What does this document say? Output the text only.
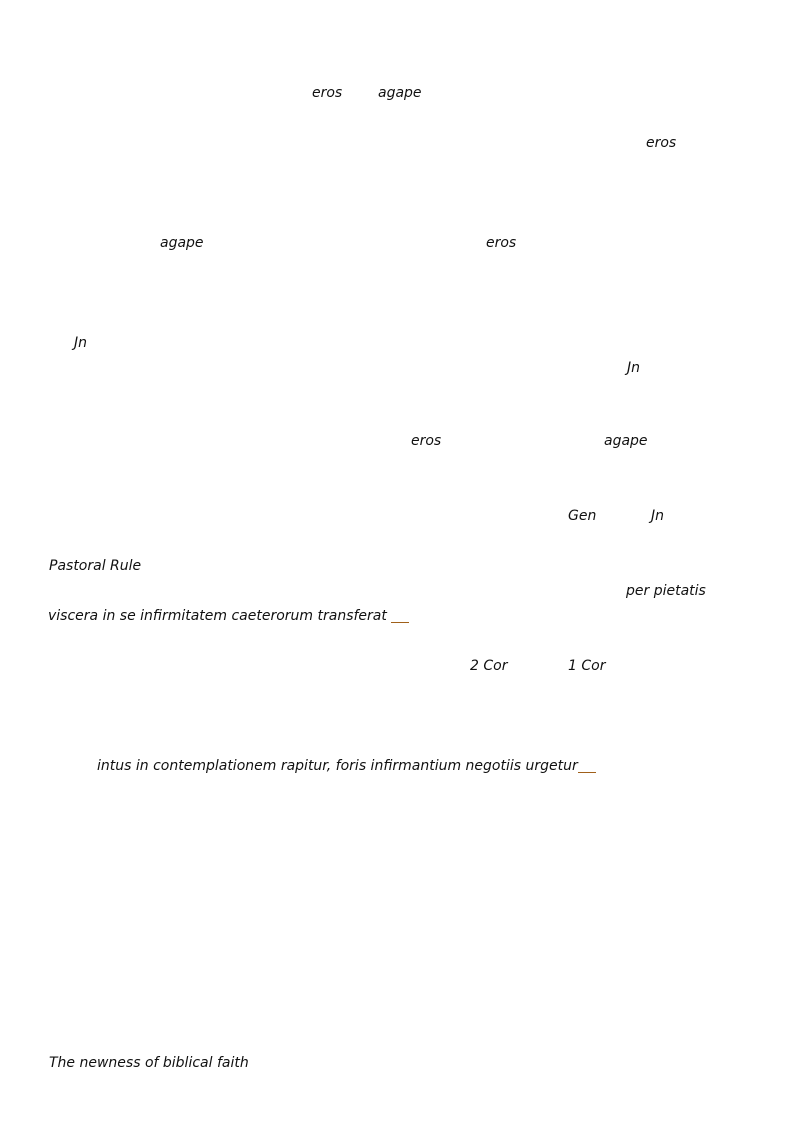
eros	agape
eros
agape	eros
Jn
Jn
eros	agape
Gen	Jn
Pastoral Rule
per pietatis
viscera in se infirmitatem caeterorum transferat
2 Cor	1 Cor
intus in contemplationem rapitur, foris infirmantium negotiis urgetur
The newness of biblical faith
